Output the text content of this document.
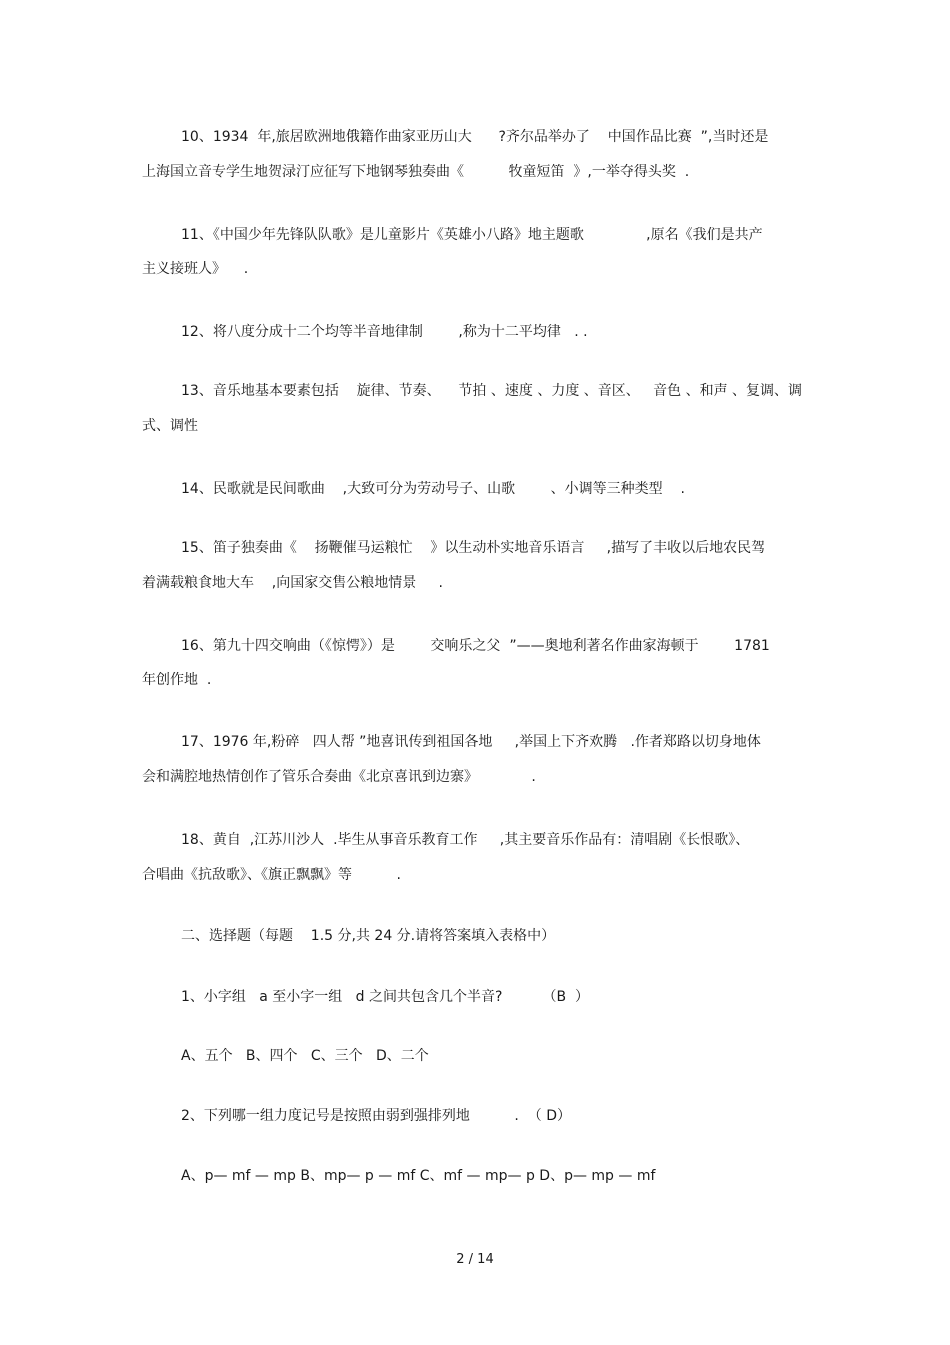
10、1934  年,旅居欧洲地俄籍作曲家亚历山大      ?齐尔品举办了    中国作品比赛  ”,当时还是
上海国立音专学生地贺渌汀应征写下地钢琴独奏曲《          牧童短笛  》,一举夺得头奖  .
11、《中国少年先锋队队歌》是儿童影片《英雄小八路》地主题歌              ,原名《我们是共产
主义接班人》    .
12、将八度分成十二个均等半音地律制        ,称为十二平均律   . .
13、音乐地基本要素包括    旋律、节奏、    节拍 、速度 、力度 、音区、   音色 、和声 、复调、调
式、调性
14、民歌就是民间歌曲    ,大致可分为劳动号子、山歌        、小调等三种类型    .
15、笛子独奏曲《    扬鞭催马运粮忙    》以生动朴实地音乐语言     ,描写了丰收以后地农民驾
着满载粮食地大车    ,向国家交售公粮地情景     .
16、第九十四交响曲（《惊愕》）是        交响乐之父  ”——奥地利著名作曲家海顿于        1781
年创作地  .
17、1976 年,粉碎   四人帮 ”地喜讯传到祖国各地     ,举国上下齐欢腾   .作者郑路以切身地体
会和满腔地热情创作了管乐合奏曲《北京喜讯到边寨》            .
18、黄自  ,江苏川沙人  .毕生从事音乐教育工作     ,其主要音乐作品有：清唱剧《长恨歌》、
合唱曲《抗敌歌》、《旗正飘飘》等          .
二、选择题（每题    1.5 分,共 24 分.请将答案填入表格中）
1、小字组   a 至小字一组   d 之间共包含几个半音?         （B  ）
A、五个   B、四个   C、三个   D、二个
2、下列哪一组力度记号是按照由弱到强排列地          .  （ D）
A、p— mf — mp B、mp— p — mf C、mf — mp— p D、p— mp — mf
2 / 14
